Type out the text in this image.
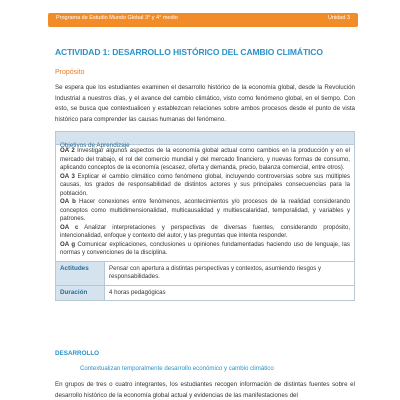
Programa de Estudio Mundo Global 3° y 4° medio	Unidad 3
ACTIVIDAD 1: DESARROLLO HISTÓRICO DEL CAMBIO CLIMÁTICO
Propósito

Se espera que los estudiantes examinen el desarrollo histórico de la economía global, desde la Revolución Industrial a nuestros días, y el avance del cambio climático, visto como fenómeno global, en el tiempo. Con esto, se busca que contextualicen y establezcan relaciones sobre ambos procesos desde el punto de vista histórico para comprender las causas humanas del fenómeno.

Objetivos de Aprendizaje

OA 2 Investigar algunos aspectos de la economía global actual como cambios en la producción y en el mercado del trabajo, el rol del comercio mundial y del mercado financiero, y nuevas formas de consumo, aplicando conceptos de la economía (escasez, oferta y demanda, precio, balanza comercial, entre otros).

OA 3 Explicar el cambio climático como fenómeno global, incluyendo controversias sobre sus múltiples causas, los grados de responsabilidad de distintos actores y sus principales consecuencias para la población.

OA b Hacer conexiones entre fenómenos, acontecimientos y/o procesos de la realidad considerando conceptos como multidimensionalidad, multicausalidad y multiescalaridad, temporalidad, y variables y patrones.

OA c Analizar interpretaciones y perspectivas de diversas fuentes, considerando propósito, intencionalidad, enfoque y contexto del autor, y las preguntas que intenta responder.

OA g Comunicar explicaciones, conclusiones u opiniones fundamentadas haciendo uso de lenguaje, las normas y convenciones de la disciplina.

Actitudes	Pensar con apertura a distintas perspectivas y contextos, asumiendo riesgos y responsabilidades.
Duración	4 horas pedagógicas
DESARROLLO
Contextualizan temporalmente desarrollo económico y cambio climático

En grupos de tres o cuatro integrantes, los estudiantes recogen información de distintas fuentes sobre el desarrollo histórico de la economía global actual y evidencias de las manifestaciones del
